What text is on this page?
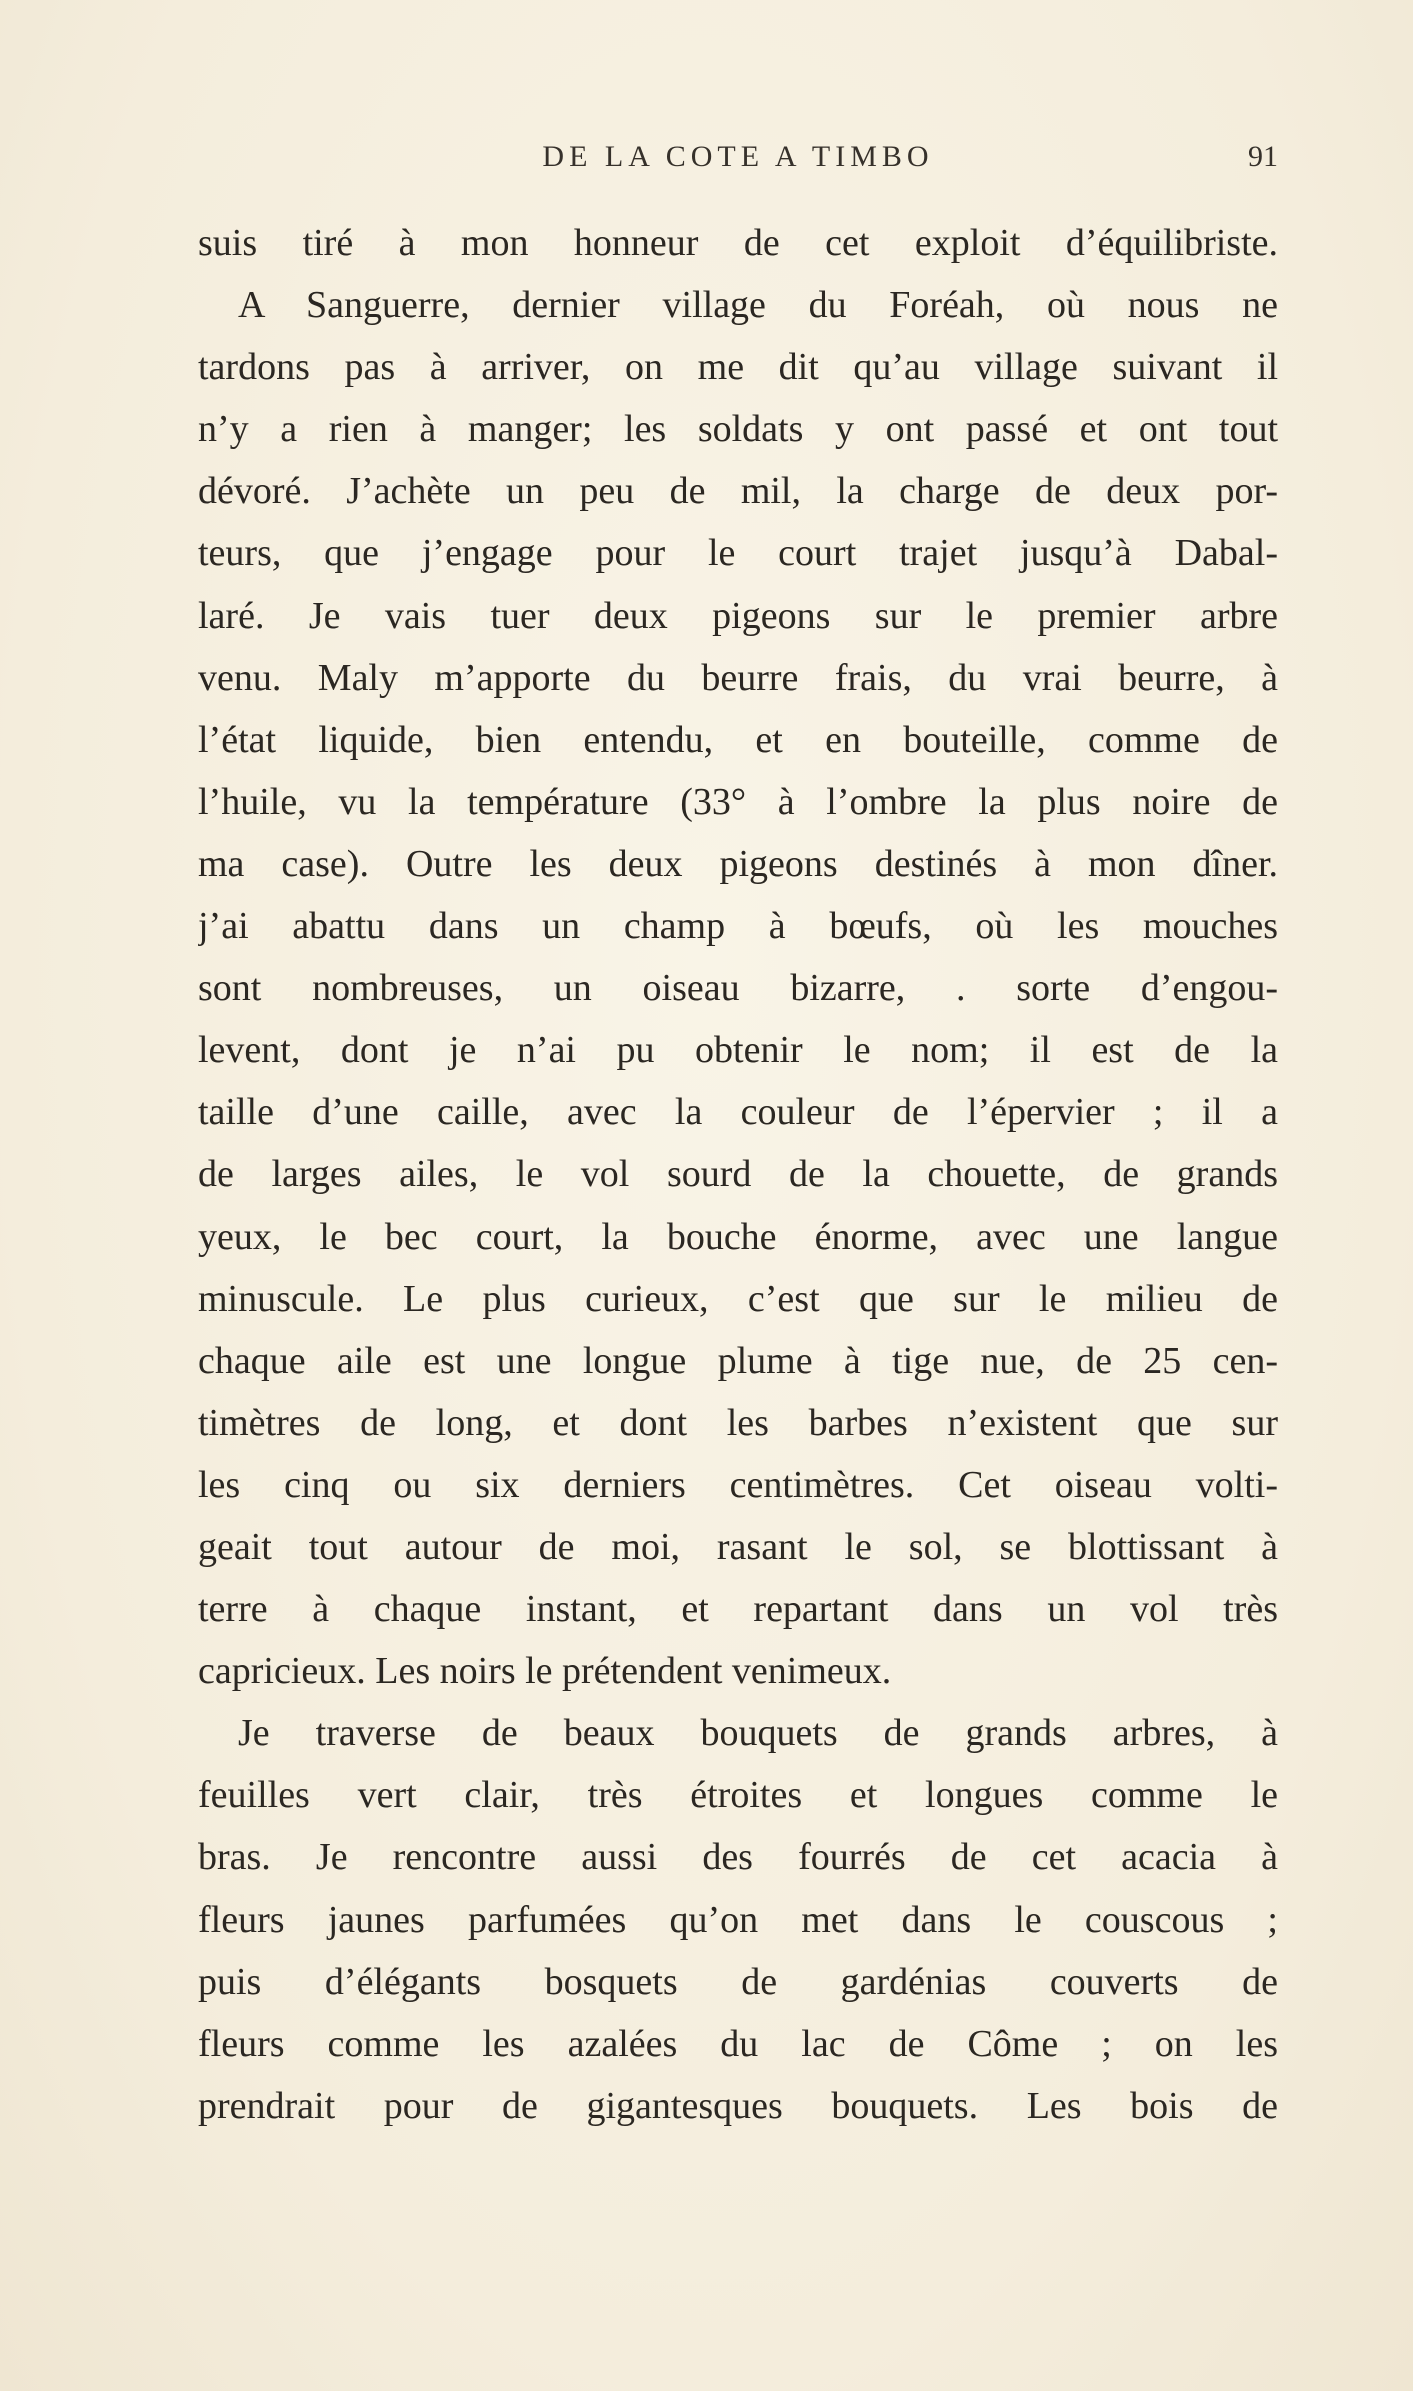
DE LA COTE A TIMBO	91
suis tiré à mon honneur de cet exploit d’équilibriste.
A Sanguerre, dernier village du Foréah, où nous ne
tardons pas à arriver, on me dit qu’au village suivant il
n’y a rien à manger; les soldats y ont passé et ont tout
dévoré. J’achète un peu de mil, la charge de deux por-
teurs, que j’engage pour le court trajet jusqu’à Dabal-
laré. Je vais tuer deux pigeons sur le premier arbre
venu. Maly m’apporte du beurre frais, du vrai beurre, à
l’état liquide, bien entendu, et en bouteille, comme de
l’huile, vu la température (33° à l’ombre la plus noire de
ma case). Outre les deux pigeons destinés à mon dîner.
j’ai abattu dans un champ à bœufs, où les mouches
sont nombreuses, un oiseau bizarre, . sorte d’engou-
levent, dont je n’ai pu obtenir le nom; il est de la
taille d’une caille, avec la couleur de l’épervier ; il a
de larges ailes, le vol sourd de la chouette, de grands
yeux, le bec court, la bouche énorme, avec une langue
minuscule. Le plus curieux, c’est que sur le milieu de
chaque aile est une longue plume à tige nue, de 25 cen-
timètres de long, et dont les barbes n’existent que sur
les cinq ou six derniers centimètres. Cet oiseau volti-
geait tout autour de moi, rasant le sol, se blottissant à
terre à chaque instant, et repartant dans un vol très
capricieux. Les noirs le prétendent venimeux.
Je traverse de beaux bouquets de grands arbres, à
feuilles vert clair, très étroites et longues comme le
bras. Je rencontre aussi des fourrés de cet acacia à
fleurs jaunes parfumées qu’on met dans le couscous ;
puis d’élégants bosquets de gardénias couverts de
fleurs comme les azalées du lac de Côme ; on les
prendrait pour de gigantesques bouquets. Les bois de
